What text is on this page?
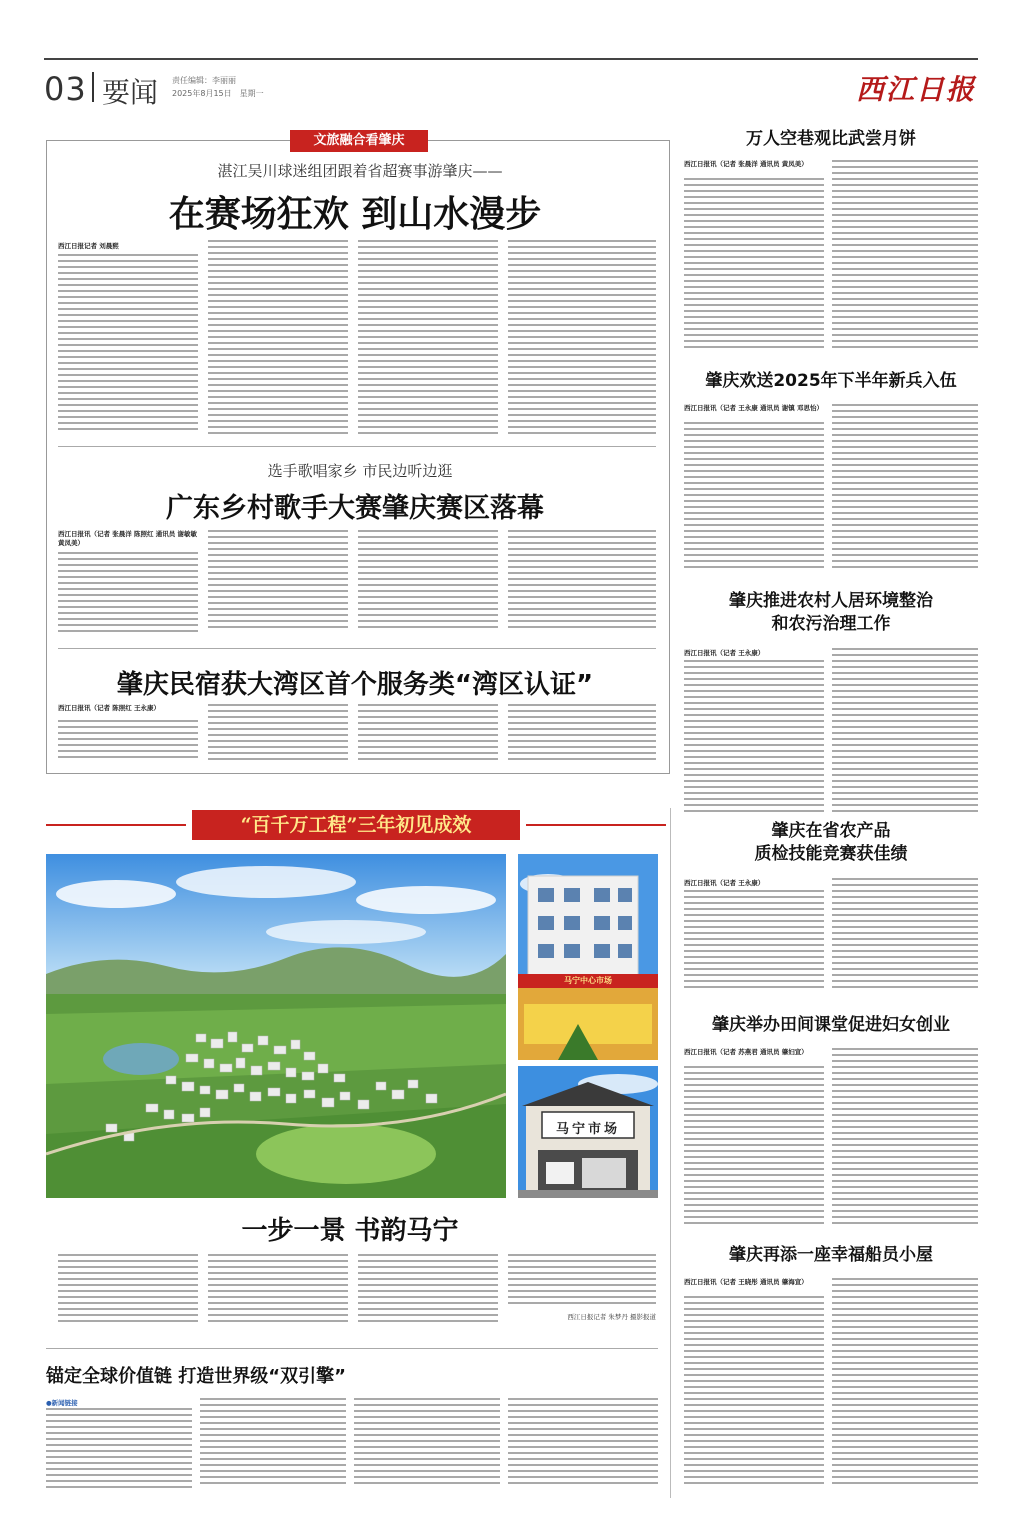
03 要闻 责任编辑：李丽丽
2025年8月15日　星期一	西江日报
文旅融合看肇庆
湛江吴川球迷组团跟着省超赛事游肇庆——
在赛场狂欢 到山水漫步
西江日报记者 刘晨熙
选手歌唱家乡 市民边听边逛
广东乡村歌手大赛肇庆赛区落幕
西江日报讯（记者 张晨洋 陈照红 通讯员 谢敏敏 黄凤美）
肇庆民宿获大湾区首个服务类“湾区认证”
西江日报讯（记者 陈照红 王永康）
“百千万工程”三年初见成效
马宁中心市场
马宁市场
一步一景 书韵马宁
西江日报记者 朱梦丹 摄影报道
锚定全球价值链 打造世界级“双引擎”
●新闻链接
万人空巷观比武尝月饼
西江日报讯（记者 张晨洋 通讯员 黄凤美）
肇庆欢送2025年下半年新兵入伍
西江日报讯（记者 王永康 通讯员 谢镇 邓思怡）
肇庆推进农村人居环境整治
和农污治理工作
西江日报讯（记者 王永康）
肇庆在省农产品
质检技能竞赛获佳绩
西江日报讯（记者 王永康）
肇庆举办田间课堂促进妇女创业
西江日报讯（记者 苏燕君 通讯员 肇妇宣）
肇庆再添一座幸福船员小屋
西江日报讯（记者 王晓彤 通讯员 肇海宣）
